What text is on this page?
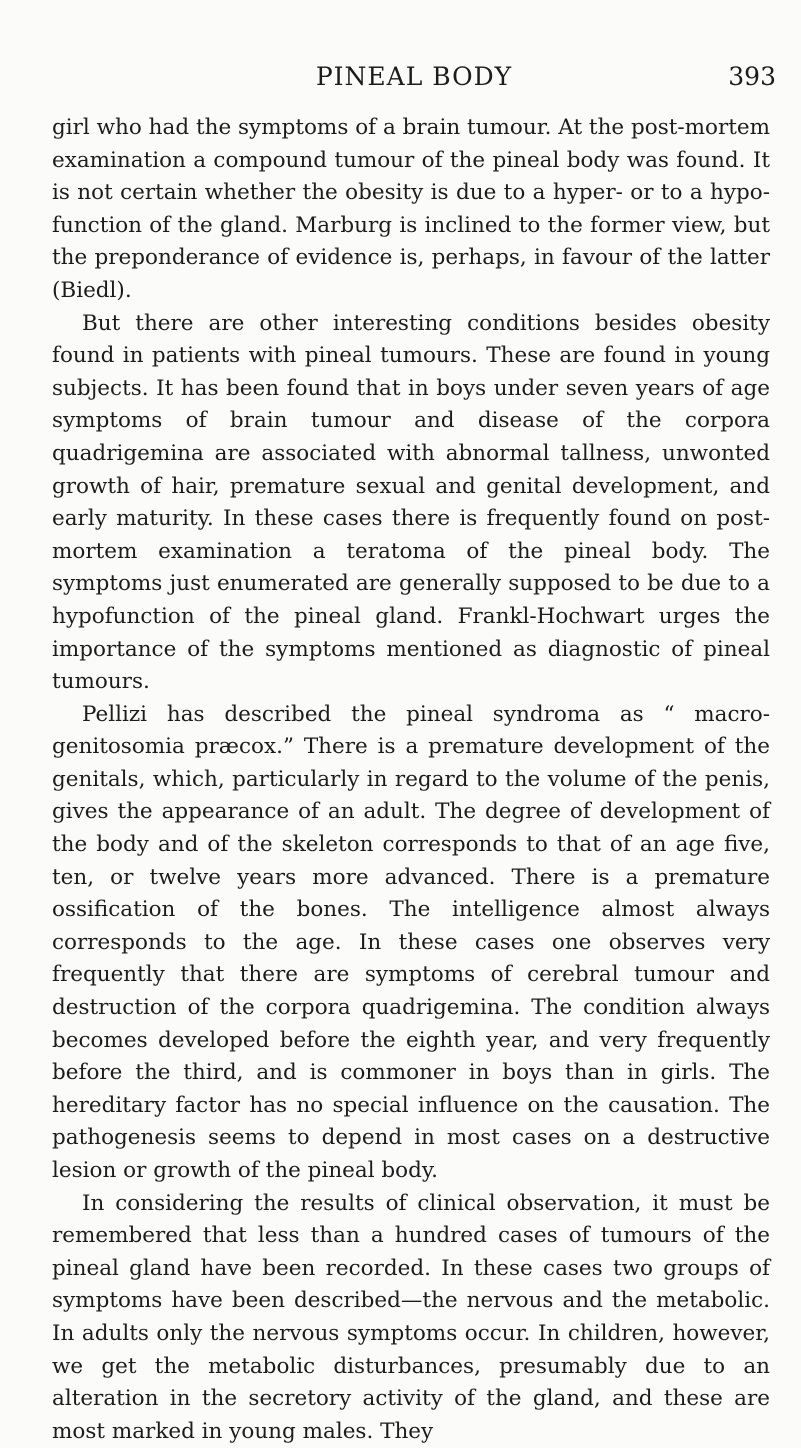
PINEAL BODY	393

girl who had the symptoms of a brain tumour. At the post-mortem examination a compound tumour of the pineal body was found. It is not certain whether the obesity is due to a hyper- or to a hypo-function of the gland. Marburg is inclined to the former view, but the preponderance of evidence is, perhaps, in favour of the latter (Biedl).

But there are other interesting conditions besides obesity found in patients with pineal tumours. These are found in young subjects. It has been found that in boys under seven years of age symptoms of brain tumour and disease of the corpora quadrigemina are associated with abnormal tallness, unwonted growth of hair, premature sexual and genital development, and early maturity. In these cases there is frequently found on post-mortem examination a teratoma of the pineal body. The symptoms just enumerated are generally supposed to be due to a hypofunction of the pineal gland. Frankl-Hochwart urges the importance of the symptoms mentioned as diagnostic of pineal tumours.

Pellizi has described the pineal syndroma as “ macro-genitosomia præcox.” There is a premature development of the genitals, which, particularly in regard to the volume of the penis, gives the appearance of an adult. The degree of development of the body and of the skeleton corresponds to that of an age five, ten, or twelve years more advanced. There is a premature ossification of the bones. The intelligence almost always corresponds to the age. In these cases one observes very frequently that there are symptoms of cerebral tumour and destruction of the corpora quadrigemina. The condition always becomes developed before the eighth year, and very frequently before the third, and is commoner in boys than in girls. The hereditary factor has no special influence on the causation. The pathogenesis seems to depend in most cases on a destructive lesion or growth of the pineal body.

In considering the results of clinical observation, it must be remembered that less than a hundred cases of tumours of the pineal gland have been recorded. In these cases two groups of symptoms have been described—the nervous and the metabolic. In adults only the nervous symptoms occur. In children, however, we get the metabolic disturbances, presumably due to an alteration in the secretory activity of the gland, and these are most marked in young males. They
